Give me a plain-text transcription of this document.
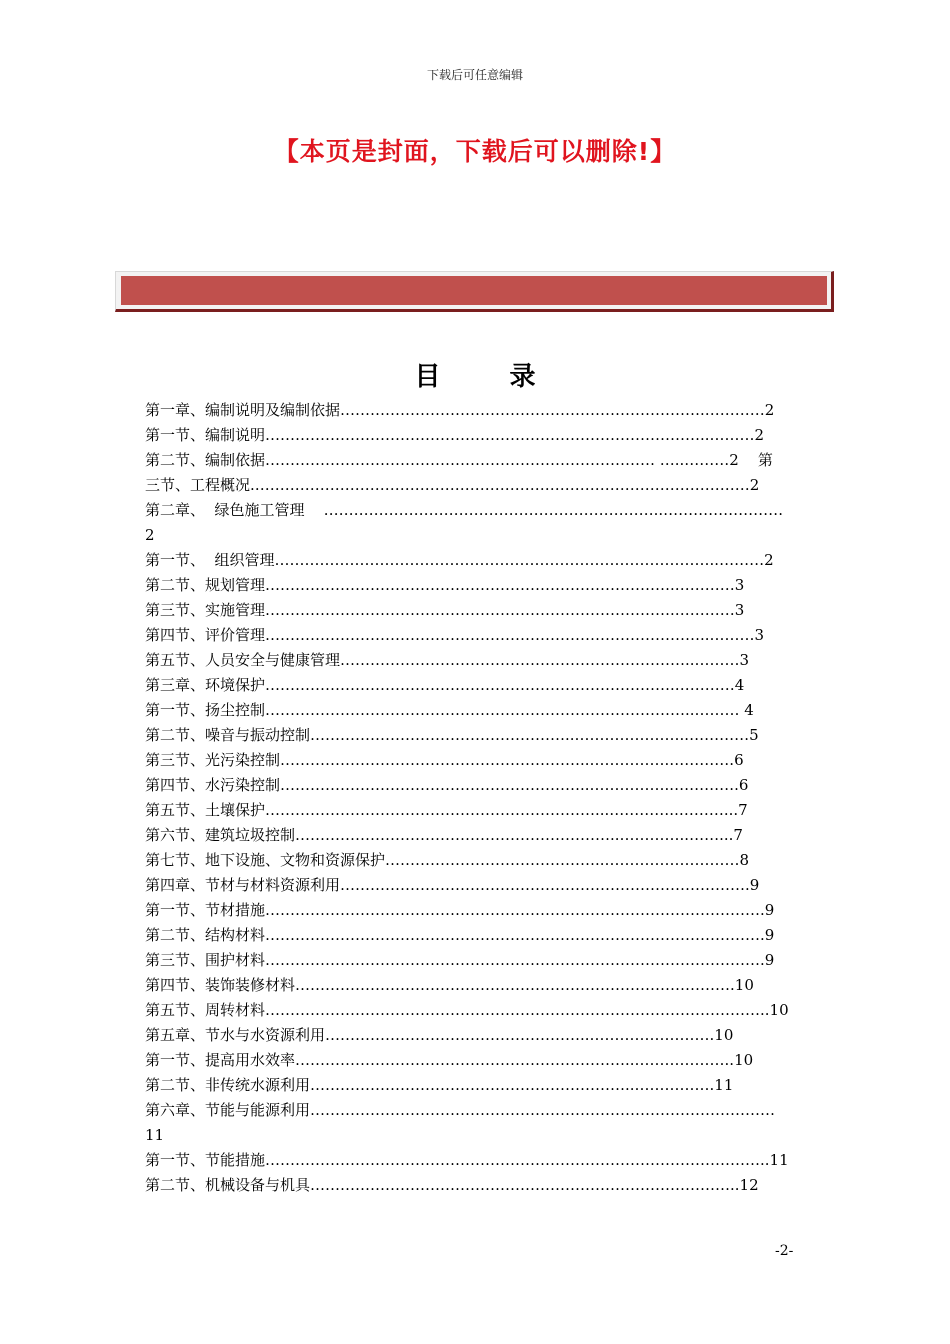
下载后可任意编辑
【本页是封面，下载后可以删除!】
目 录
第一章、编制说明及编制依据……………………………………………………………….…………2
第一节、编制说明……………………………………………………………………………..………2
第二节、编制依据…………………………………………………………………… …..………2    第
三节、工程概况.………………………………………………………………………………………2
第二章、  绿色施工管理    …………………………………………………………..……………………
2
第一节、  组织管理……………………………………………………………………………..………2
第二节、规划管理……………………………………………………………………….…………3
第三节、实施管理……………………………………………………………………….…………3
第四节、评价管理……………………………………………………………………………..………3
第五节、人员安全与健康管理……………………………………………………………..………3
第三章、环境保护……………………………………………………………………….…………4
第一节、扬尘控制…………………………………………………………………………..……… 4
第二节、噪音与振动控制……………………………………………..…………………..…………5
第三节、光污染控制……………………………………………………..…………….………….6
第四节、水污染控制……………………………………………………..……………..………….6
第五节、土壤保护…………………………………………………………...…………..………...7
第六节、建筑垃圾控制………………………………………………………..…………..……...7
第七节、地下设施、文物和资源保护……………………………………..………………………8
第四章、节材与材料资源利用……………………………………………………………………….9
第一节、节材措施……………………………………………………………………………………….9
第二节、结构材料……………………………………………………………………………………….9
第三节、围护材料……………………………………………………………………………………….9
第四节、装饰装修材料…………………………………………………………………………….10
第五节、周转材料………………………………………………………………………………………..10
第五章、节水与水资源利用……………………………………………..…………………….10
第一节、提高用水效率…………………………………………………………..………………..10
第二节、非传统水源利用………………………………………………………..…………….11
第六章、节能与能源利用…………………………………………………………………………………
11
第一节、节能措施………………………………………………………………………………………..11
第二节、机械设备与机具…………………………………………………………………………..12
-2-
